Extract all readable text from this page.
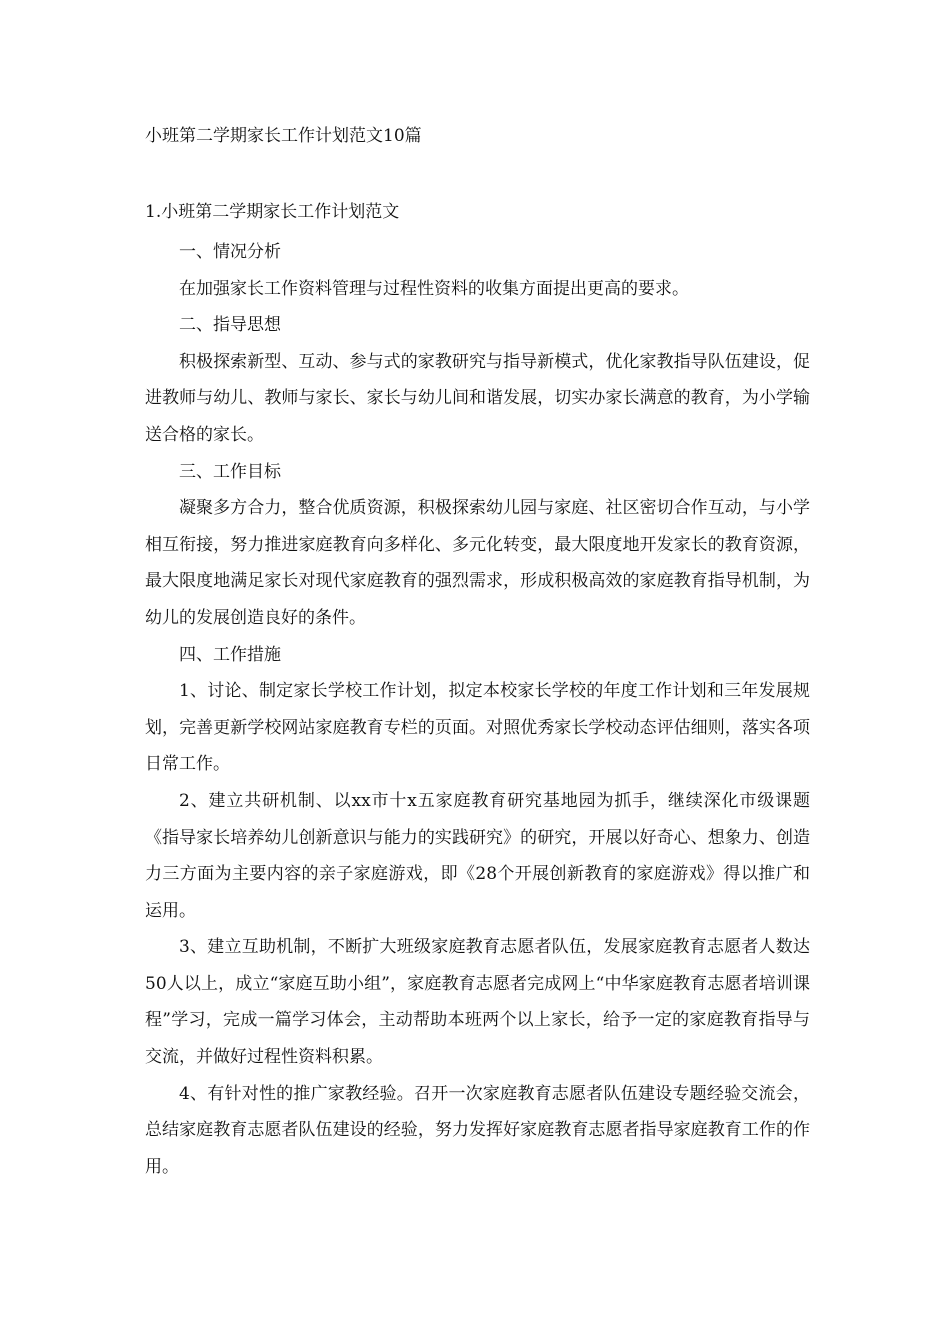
小班第二学期家长工作计划范文10篇
1.小班第二学期家长工作计划范文

一、情况分析

在加强家长工作资料管理与过程性资料的收集方面提出更高的要求。

二、指导思想

积极探索新型、互动、参与式的家教研究与指导新模式，优化家教指导队伍建设，促进教师与幼儿、教师与家长、家长与幼儿间和谐发展，切实办家长满意的教育，为小学输送合格的家长。

三、工作目标

凝聚多方合力，整合优质资源，积极探索幼儿园与家庭、社区密切合作互动，与小学相互衔接，努力推进家庭教育向多样化、多元化转变，最大限度地开发家长的教育资源，最大限度地满足家长对现代家庭教育的强烈需求，形成积极高效的家庭教育指导机制，为幼儿的发展创造良好的条件。

四、工作措施

1、讨论、制定家长学校工作计划，拟定本校家长学校的年度工作计划和三年发展规划，完善更新学校网站家庭教育专栏的页面。对照优秀家长学校动态评估细则，落实各项日常工作。

2、建立共研机制、以xx市十x五家庭教育研究基地园为抓手，继续深化市级课题《指导家长培养幼儿创新意识与能力的实践研究》的研究，开展以好奇心、想象力、创造力三方面为主要内容的亲子家庭游戏，即《28个开展创新教育的家庭游戏》得以推广和运用。

3、建立互助机制，不断扩大班级家庭教育志愿者队伍，发展家庭教育志愿者人数达50人以上，成立“家庭互助小组”，家庭教育志愿者完成网上“中华家庭教育志愿者培训课程”学习，完成一篇学习体会，主动帮助本班两个以上家长，给予一定的家庭教育指导与交流，并做好过程性资料积累。

4、有针对性的推广家教经验。召开一次家庭教育志愿者队伍建设专题经验交流会，总结家庭教育志愿者队伍建设的经验，努力发挥好家庭教育志愿者指导家庭教育工作的作用。
